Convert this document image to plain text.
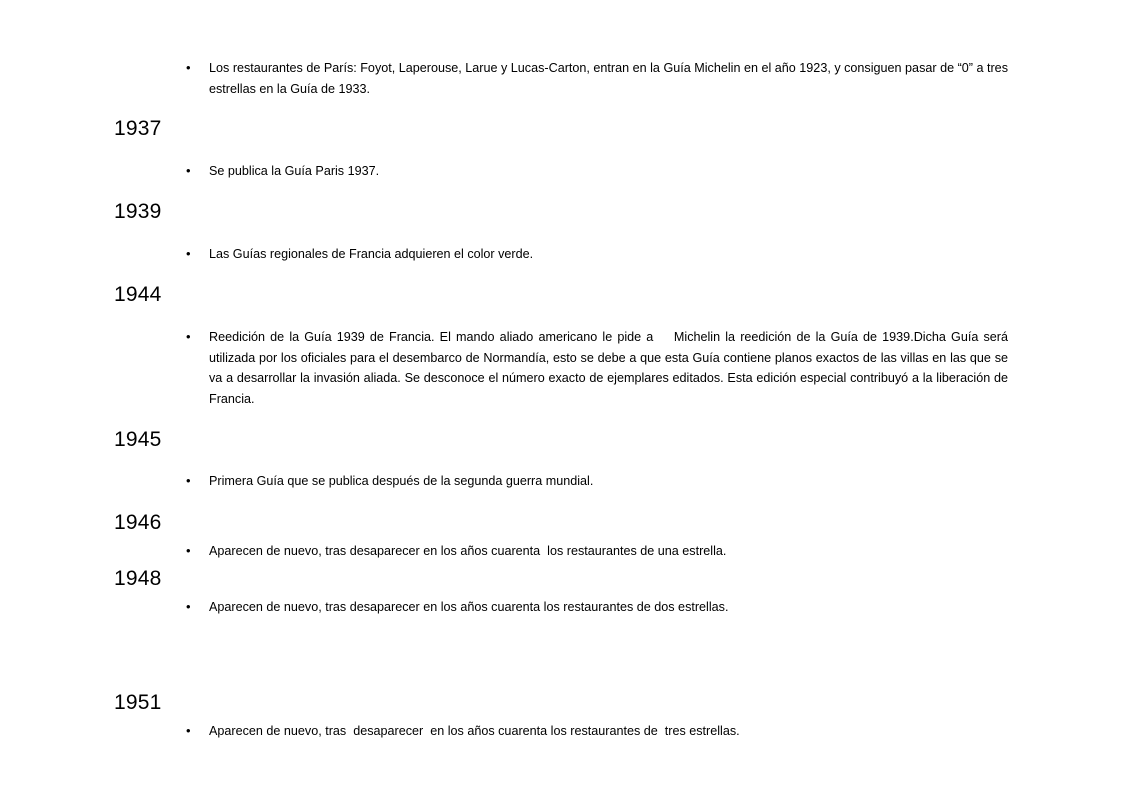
• Los restaurantes de París: Foyot, Laperouse, Larue y Lucas-Carton, entran en la Guía Michelin en el año 1923, y consiguen pasar de “0” a tres estrellas en la Guía de 1933.
1937
• Se publica la Guía Paris 1937.
1939
• Las Guías regionales de Francia adquieren el color verde.
1944
• Reedición de la Guía 1939 de Francia. El mando aliado americano le pide a    Michelin la reedición de la Guía de 1939.Dicha Guía será utilizada por los oficiales para el desembarco de Normandía, esto se debe a que esta Guía contiene planos exactos de las villas en las que se va a desarrollar la invasión aliada. Se desconoce el número exacto de ejemplares editados. Esta edición especial contribuyó a la liberación de Francia.
1945
• Primera Guía que se publica después de la segunda guerra mundial.
1946
• Aparecen de nuevo, tras desaparecer en los años cuarenta  los restaurantes de una estrella.
1948
• Aparecen de nuevo, tras desaparecer en los años cuarenta los restaurantes de dos estrellas.
1951
• Aparecen de nuevo, tras  desaparecer  en los años cuarenta los restaurantes de  tres estrellas.
